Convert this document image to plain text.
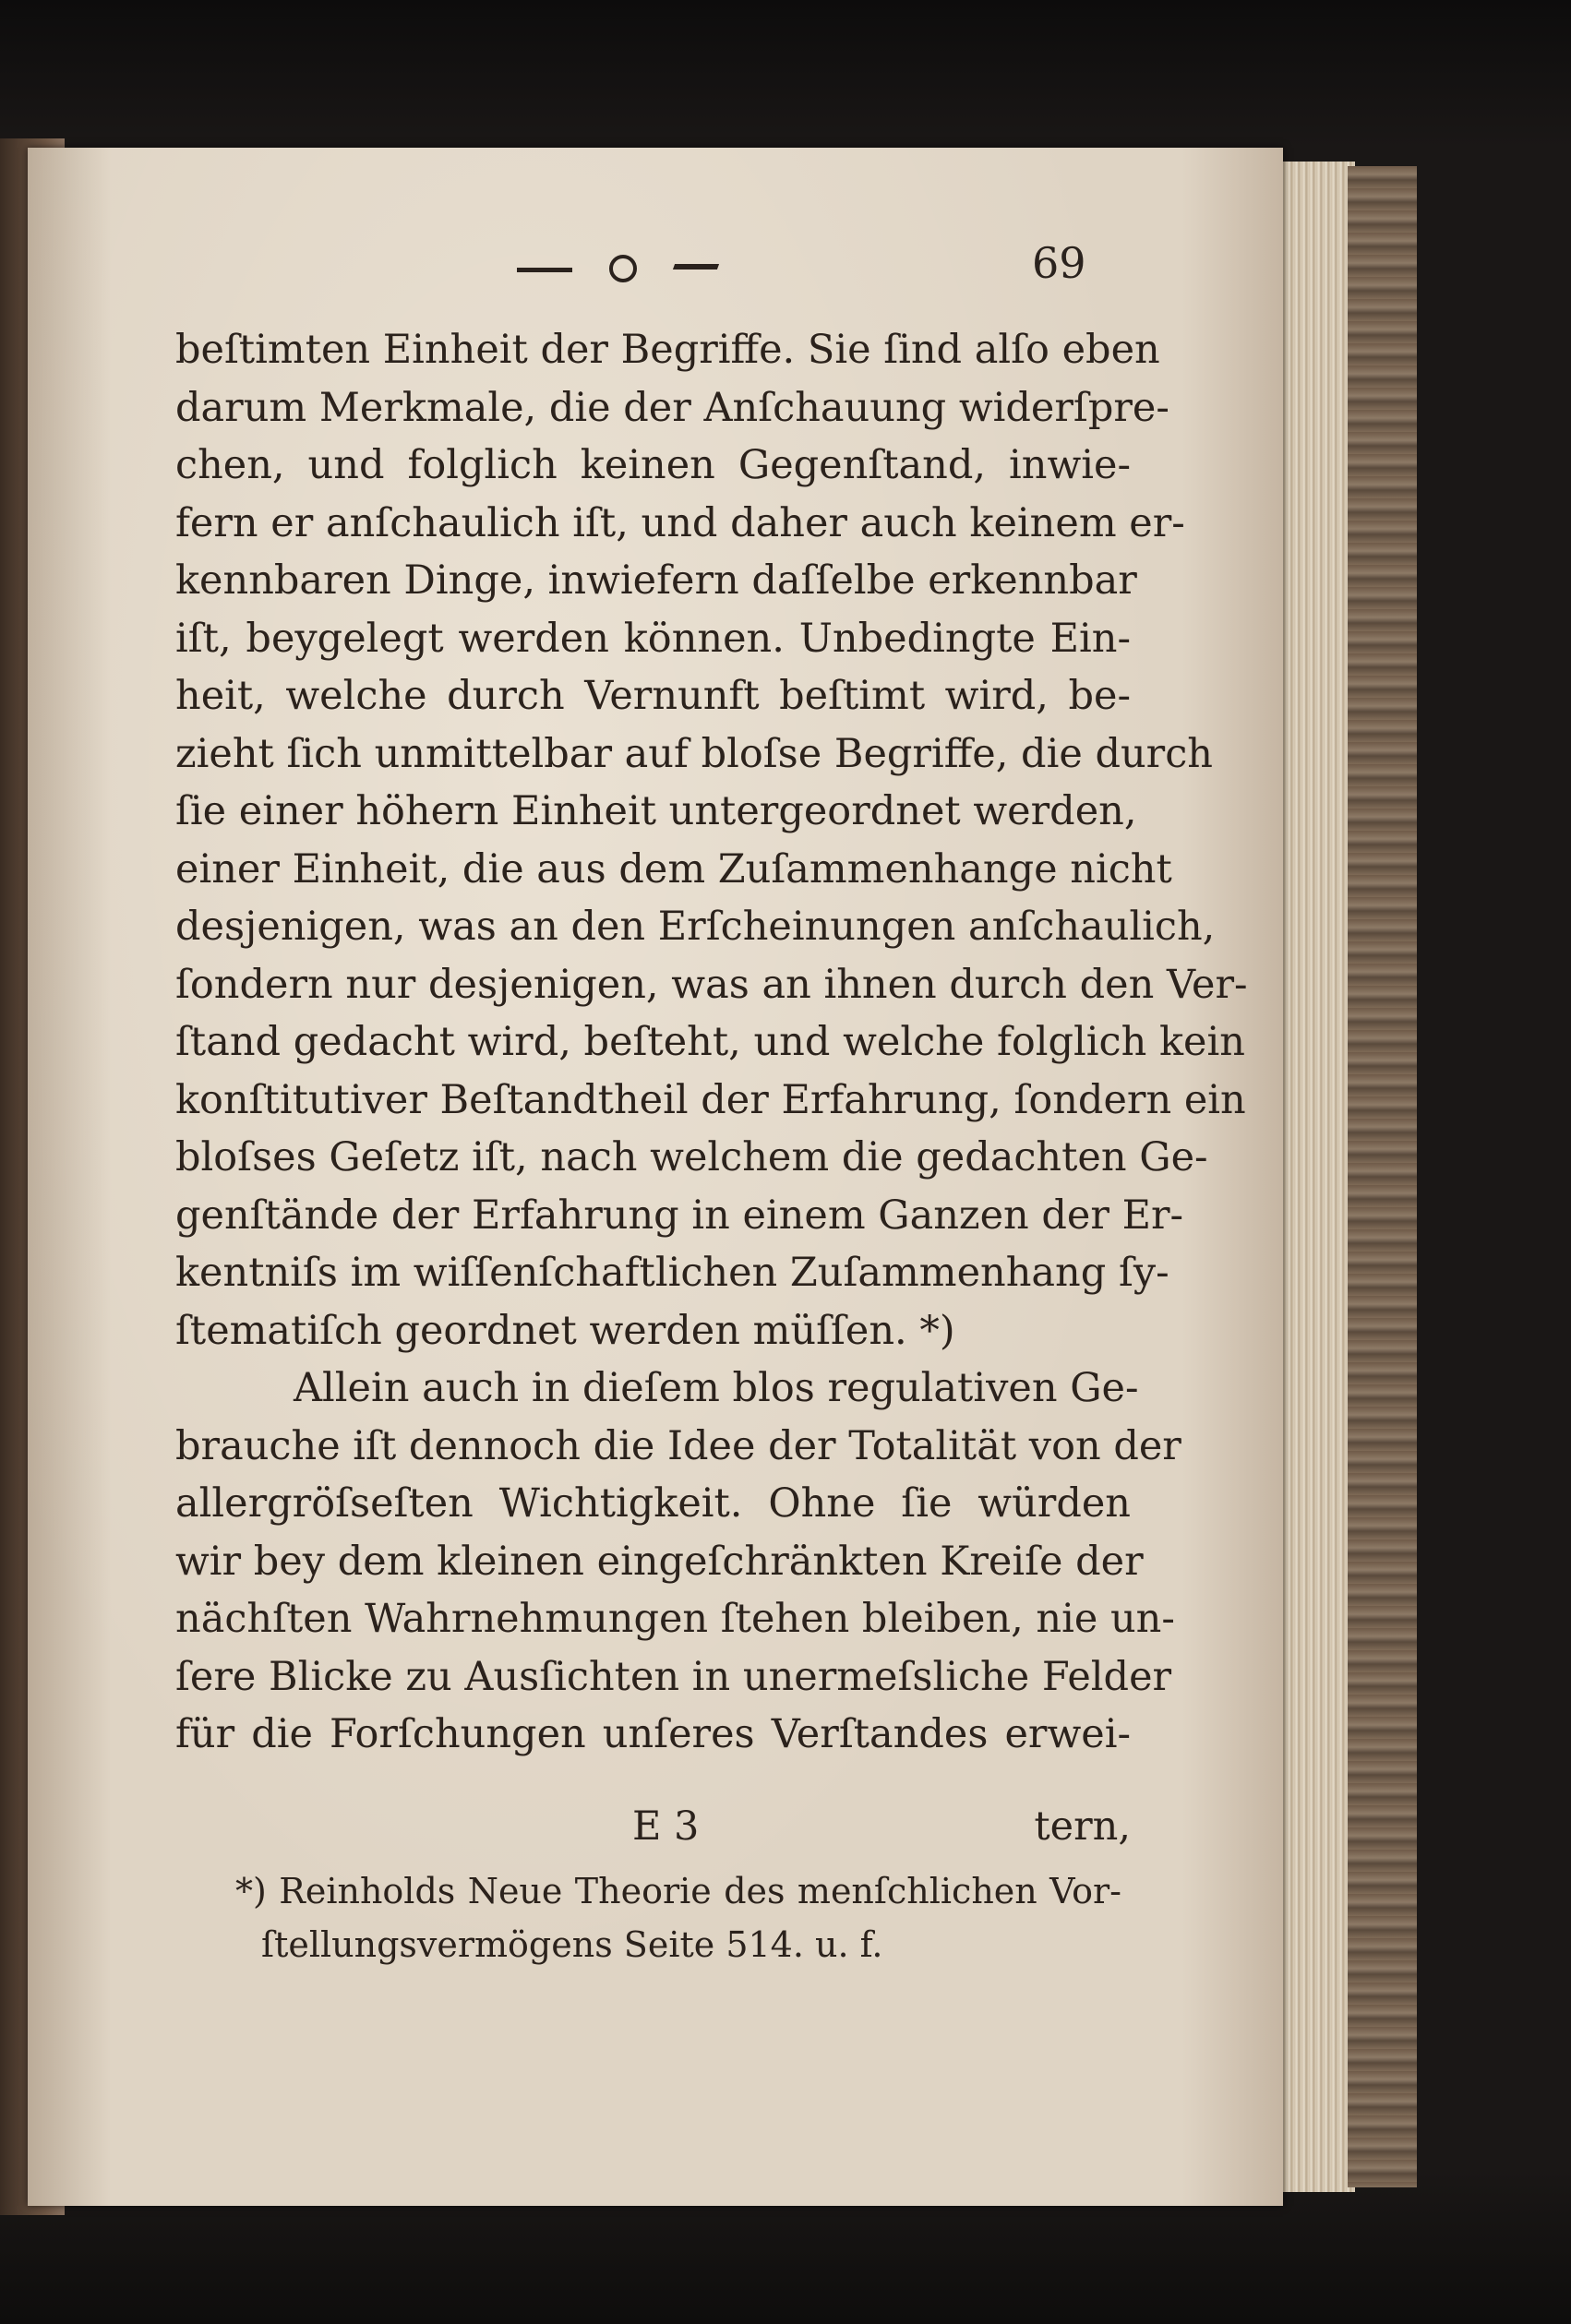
69
beſtimten Einheit der Begriffe. Sie ſind alſo eben
darum Merkmale, die der Anſchauung widerſpre-
chen, und folglich keinen Gegenſtand, inwie-
fern er anſchaulich iſt, und daher auch keinem er-
kennbaren Dinge, inwiefern daſſelbe erkennbar
iſt, beygelegt werden können. Unbedingte Ein-
heit, welche durch Vernunft beſtimt wird, be-
zieht ſich unmittelbar auf bloſse Begriffe, die durch
ſie einer höhern Einheit untergeordnet werden,
einer Einheit, die aus dem Zuſammenhange nicht
desjenigen, was an den Erſcheinungen anſchaulich,
ſondern nur desjenigen, was an ihnen durch den Ver-
ſtand gedacht wird, beſteht, und welche folglich kein
konſtitutiver Beſtandtheil der Erfahrung, ſondern ein
bloſses Geſetz iſt, nach welchem die gedachten Ge-
genſtände der Erfahrung in einem Ganzen der Er-
kentniſs im wiſſenſchaftlichen Zuſammenhang ſy-
ſtematiſch geordnet werden müſſen. *)
Allein auch in dieſem blos regulativen Ge-
brauche iſt dennoch die Idee der Totalität von der
allergröſseſten Wichtigkeit. Ohne ſie würden
wir bey dem kleinen eingeſchränkten Kreiſe der
nächſten Wahrnehmungen ſtehen bleiben, nie un-
ſere Blicke zu Ausſichten in unermeſsliche Felder
für die Forſchungen unſeres Verſtandes erwei-
E 3	tern,
*) Reinholds Neue Theorie des menſchlichen Vor-
ſtellungsvermögens Seite 514. u. f.
